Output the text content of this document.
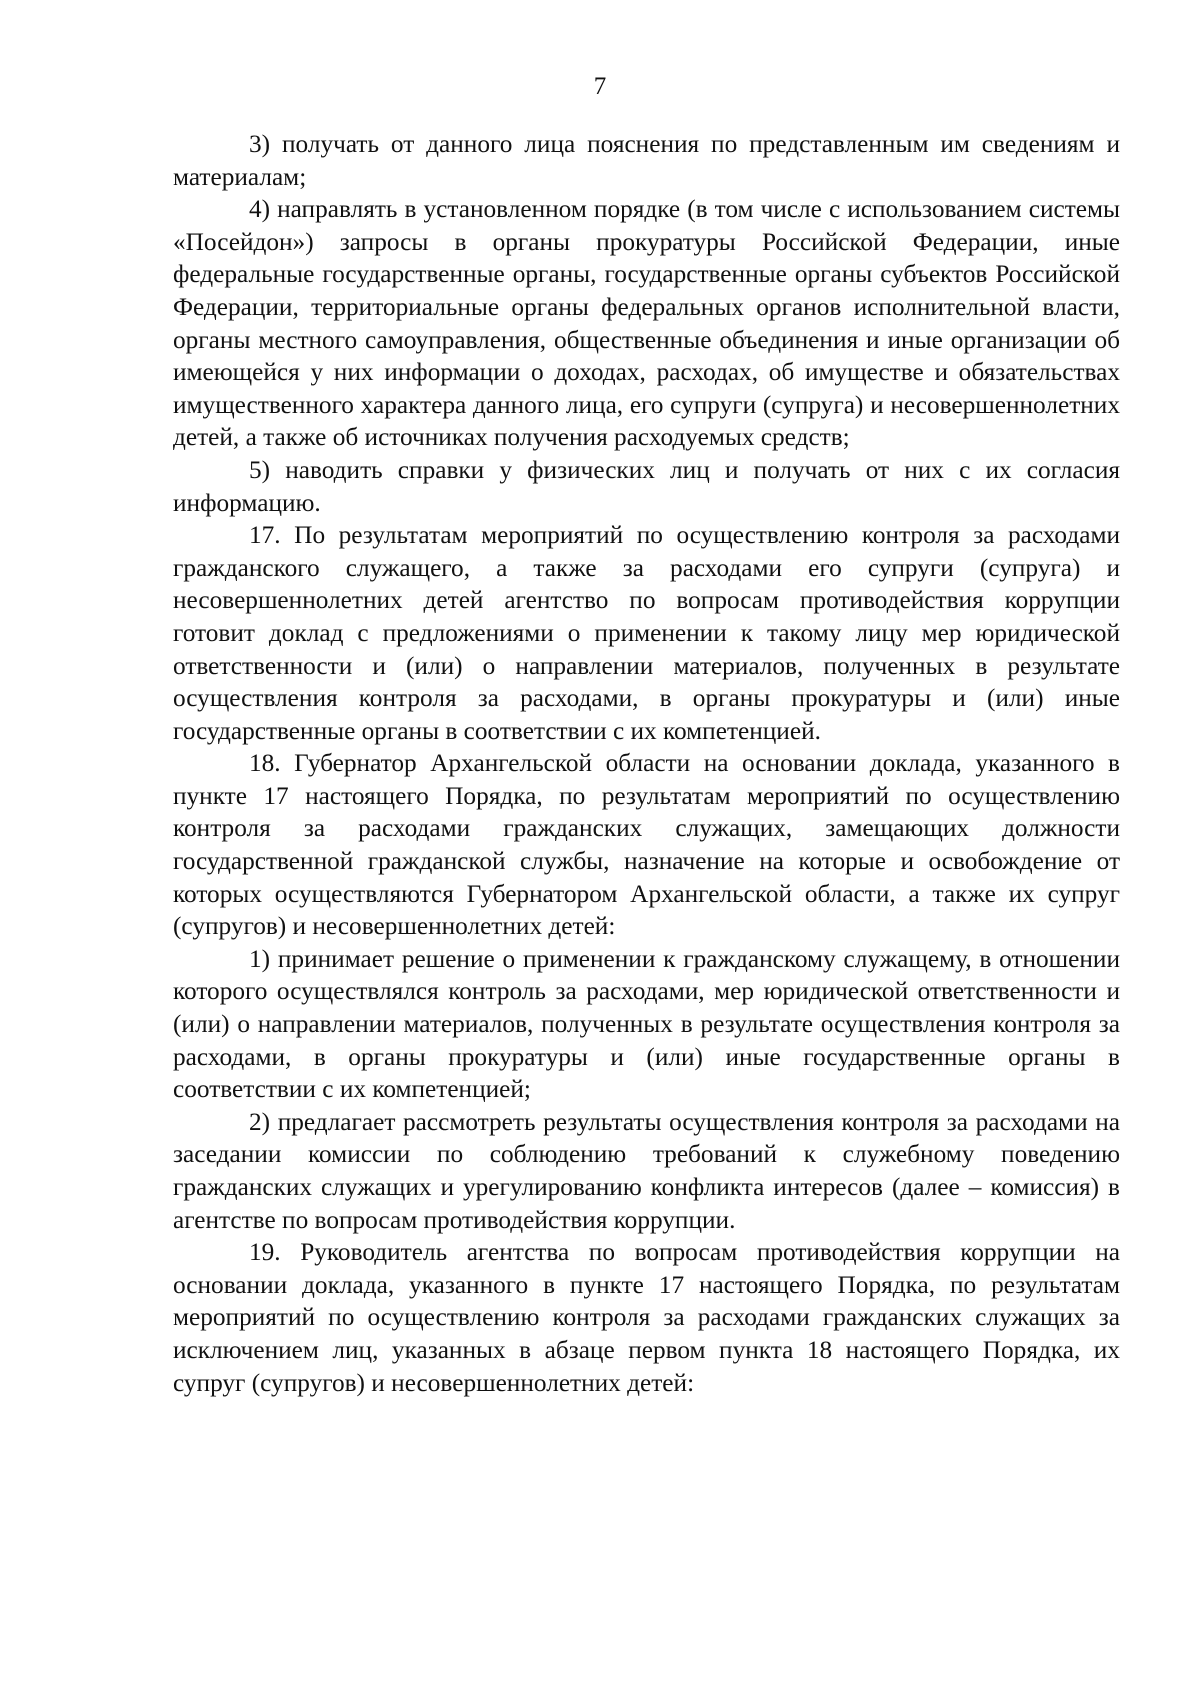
7

3) получать от данного лица пояснения по представленным им сведениям и материалам;

4) направлять в установленном порядке (в том числе с использованием системы «Посейдон») запросы в органы прокуратуры Российской Федерации, иные федеральные государственные органы, государственные органы субъектов Российской Федерации, территориальные органы федеральных органов исполнительной власти, органы местного самоуправления, общественные объединения и иные организации об имеющейся у них информации о доходах, расходах, об имуществе и обязательствах имущественного характера данного лица, его супруги (супруга) и несовершеннолетних детей, а также об источниках получения расходуемых средств;

5) наводить справки у физических лиц и получать от них с их согласия информацию.

17. По результатам мероприятий по осуществлению контроля за расходами гражданского служащего, а также за расходами его супруги (супруга) и несовершеннолетних детей агентство по вопросам противодействия коррупции готовит доклад с предложениями о применении к такому лицу мер юридической ответственности и (или) о направлении материалов, полученных в результате осуществления контроля за расходами, в органы прокуратуры и (или) иные государственные органы в соответствии с их компетенцией.

18. Губернатор Архангельской области на основании доклада, указанного в пункте 17 настоящего Порядка, по результатам мероприятий по осуществлению контроля за расходами гражданских служащих, замещающих должности государственной гражданской службы, назначение на которые и освобождение от которых осуществляются Губернатором Архангельской области, а также их супруг (супругов) и несовершеннолетних детей:

1) принимает решение о применении к гражданскому служащему, в отношении которого осуществлялся контроль за расходами, мер юридической ответственности и (или) о направлении материалов, полученных в результате осуществления контроля за расходами, в органы прокуратуры и (или) иные государственные органы в соответствии с их компетенцией;

2) предлагает рассмотреть результаты осуществления контроля за расходами на заседании комиссии по соблюдению требований к служебному поведению гражданских служащих и урегулированию конфликта интересов (далее – комиссия) в агентстве по вопросам противодействия коррупции.

19. Руководитель агентства по вопросам противодействия коррупции на основании доклада, указанного в пункте 17 настоящего Порядка, по результатам мероприятий по осуществлению контроля за расходами гражданских служащих за исключением лиц, указанных в абзаце первом пункта 18 настоящего Порядка, их супруг (супругов) и несовершеннолетних детей:
